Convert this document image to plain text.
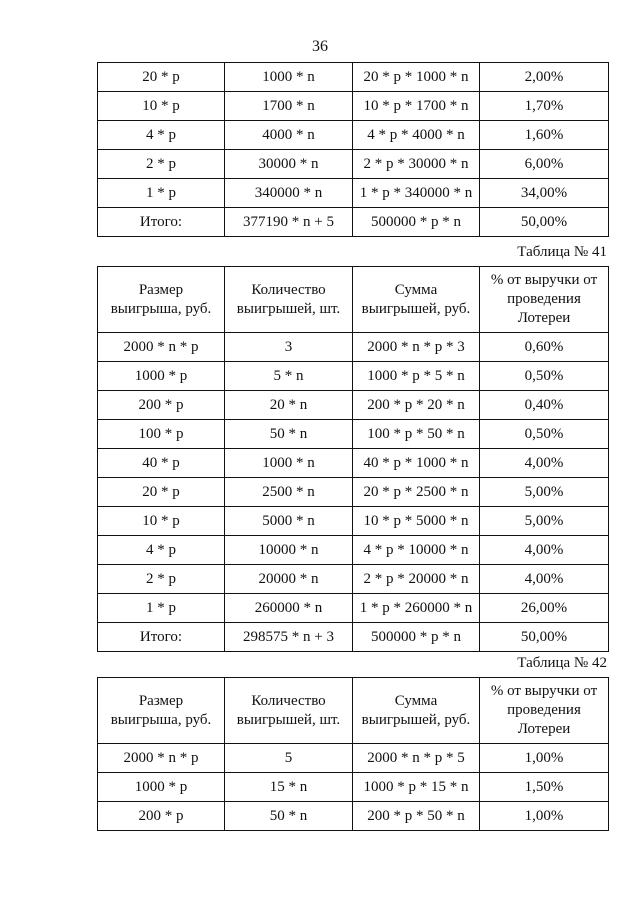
36
20 * p	1000 * n	20 * p * 1000 * n	2,00%
10 * p	1700 * n	10 * p * 1700 * n	1,70%
4 * p	4000 * n	4 * p * 4000 * n	1,60%
2 * p	30000 * n	2 * p * 30000 * n	6,00%
1 * p	340000 * n	1 * p * 340000 * n	34,00%
Итого:	377190 * n + 5	500000 * p * n	50,00%
Таблица № 41
Размер выигрыша, руб.	Количество выигрышей, шт.	Сумма выигрышей, руб.	% от выручки от проведения Лотереи
2000 * n * p	3	2000 * n * p * 3	0,60%
1000 * p	5 * n	1000 * p * 5 * n	0,50%
200 * p	20 * n	200 * p * 20 * n	0,40%
100 * p	50 * n	100 * p * 50 * n	0,50%
40 * p	1000 * n	40 * p * 1000 * n	4,00%
20 * p	2500 * n	20 * p * 2500 * n	5,00%
10 * p	5000 * n	10 * p * 5000 * n	5,00%
4 * p	10000 * n	4 * p * 10000 * n	4,00%
2 * p	20000 * n	2 * p * 20000 * n	4,00%
1 * p	260000 * n	1 * p * 260000 * n	26,00%
Итого:	298575 * n + 3	500000 * p * n	50,00%
Таблица № 42
Размер выигрыша, руб.	Количество выигрышей, шт.	Сумма выигрышей, руб.	% от выручки от проведения Лотереи
2000 * n * p	5	2000 * n * p * 5	1,00%
1000 * p	15 * n	1000 * p * 15 * n	1,50%
200 * p	50 * n	200 * p * 50 * n	1,00%
